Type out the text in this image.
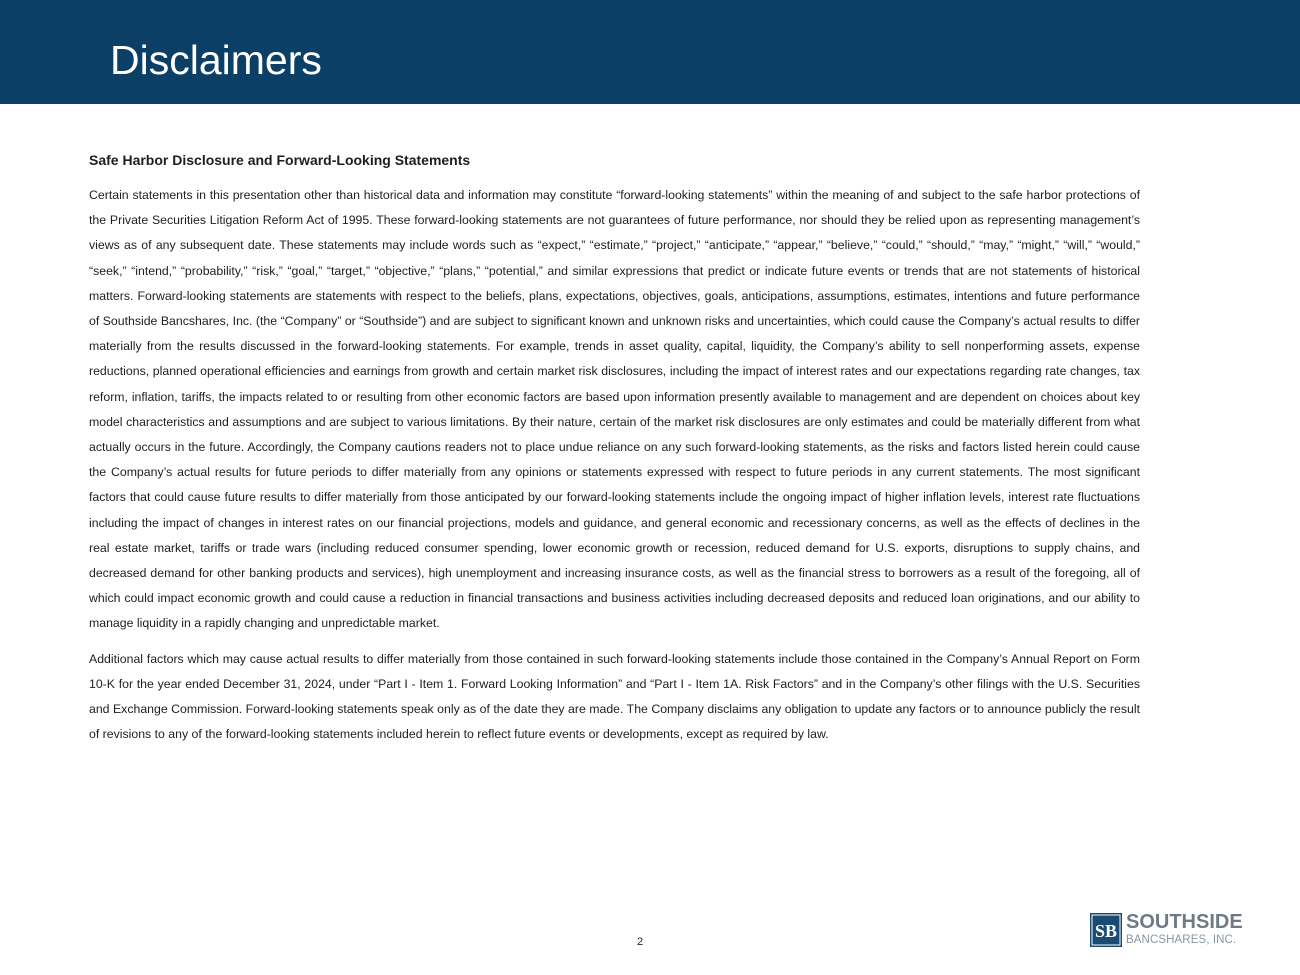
Disclaimers
Safe Harbor Disclosure and Forward-Looking Statements

Certain statements in this presentation other than historical data and information may constitute “forward-looking statements” within the meaning of and subject to the safe harbor protections of the Private Securities Litigation Reform Act of 1995. These forward-looking statements are not guarantees of future performance, nor should they be relied upon as representing management’s views as of any subsequent date. These statements may include words such as “expect,” “estimate,” “project,” “anticipate,” “appear,” “believe,” “could,” “should,” “may,” “might,” “will,” “would,” “seek,” “intend,” “probability,” “risk,” “goal,” “target,” “objective,” “plans,” “potential,” and similar expressions that predict or indicate future events or trends that are not statements of historical matters. Forward-looking statements are statements with respect to the beliefs, plans, expectations, objectives, goals, anticipations, assumptions, estimates, intentions and future performance of Southside Bancshares, Inc. (the “Company” or “Southside”) and are subject to significant known and unknown risks and uncertainties, which could cause the Company’s actual results to differ materially from the results discussed in the forward-looking statements. For example, trends in asset quality, capital, liquidity, the Company’s ability to sell nonperforming assets, expense reductions, planned operational efficiencies and earnings from growth and certain market risk disclosures, including the impact of interest rates and our expectations regarding rate changes, tax reform, inflation, tariffs, the impacts related to or resulting from other economic factors are based upon information presently available to management and are dependent on choices about key model characteristics and assumptions and are subject to various limitations. By their nature, certain of the market risk disclosures are only estimates and could be materially different from what actually occurs in the future. Accordingly, the Company cautions readers not to place undue reliance on any such forward-looking statements, as the risks and factors listed herein could cause the Company’s actual results for future periods to differ materially from any opinions or statements expressed with respect to future periods in any current statements. The most significant factors that could cause future results to differ materially from those anticipated by our forward-looking statements include the ongoing impact of higher inflation levels, interest rate fluctuations including the impact of changes in interest rates on our financial projections, models and guidance, and general economic and recessionary concerns, as well as the effects of declines in the real estate market, tariffs or trade wars (including reduced consumer spending, lower economic growth or recession, reduced demand for U.S. exports, disruptions to supply chains, and decreased demand for other banking products and services), high unemployment and increasing insurance costs, as well as the financial stress to borrowers as a result of the foregoing, all of which could impact economic growth and could cause a reduction in financial transactions and business activities including decreased deposits and reduced loan originations, and our ability to manage liquidity in a rapidly changing and unpredictable market.

Additional factors which may cause actual results to differ materially from those contained in such forward-looking statements include those contained in the Company’s Annual Report on Form 10-K for the year ended December 31, 2024, under “Part I - Item 1. Forward Looking Information” and “Part I - Item 1A. Risk Factors” and in the Company’s other filings with the U.S. Securities and Exchange Commission. Forward-looking statements speak only as of the date they are made. The Company disclaims any obligation to update any factors or to announce publicly the result of revisions to any of the forward-looking statements included herein to reflect future events or developments, except as required by law.

2
SB SOUTHSIDE
BANCSHARES, INC.
